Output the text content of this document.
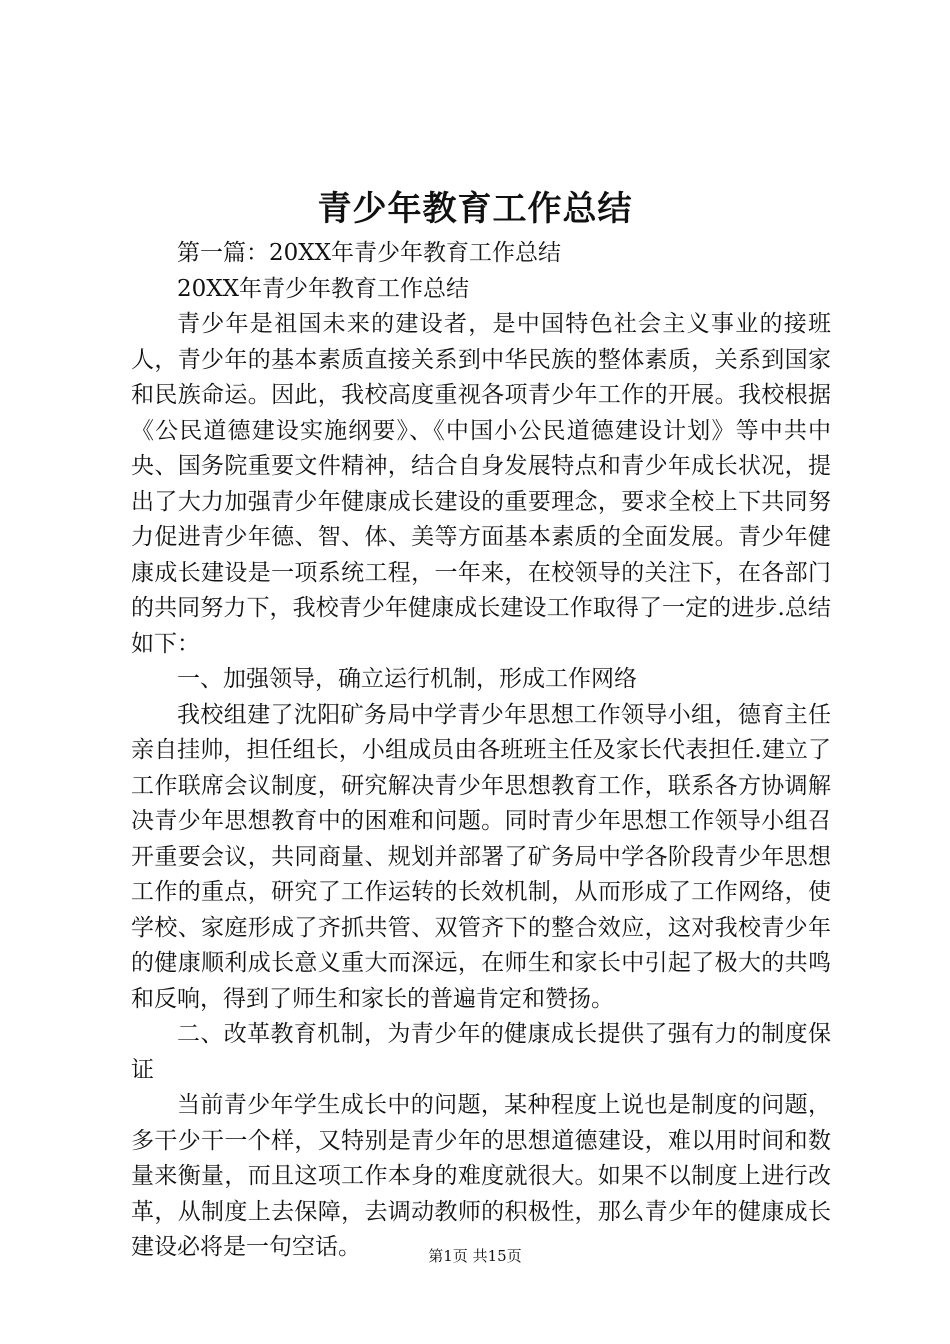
青少年教育工作总结

第一篇：20XX年青少年教育工作总结

20XX年青少年教育工作总结

青少年是祖国未来的建设者，是中国特色社会主义事业的接班人，青少年的基本素质直接关系到中华民族的整体素质，关系到国家和民族命运。因此，我校高度重视各项青少年工作的开展。我校根据《公民道德建设实施纲要》、《中国小公民道德建设计划》等中共中央、国务院重要文件精神，结合自身发展特点和青少年成长状况，提出了大力加强青少年健康成长建设的重要理念，要求全校上下共同努力促进青少年德、智、体、美等方面基本素质的全面发展。青少年健康成长建设是一项系统工程，一年来，在校领导的关注下，在各部门的共同努力下，我校青少年健康成长建设工作取得了一定的进步.总结如下：

一、加强领导，确立运行机制，形成工作网络

我校组建了沈阳矿务局中学青少年思想工作领导小组，德育主任亲自挂帅，担任组长，小组成员由各班班主任及家长代表担任.建立了工作联席会议制度，研究解决青少年思想教育工作，联系各方协调解决青少年思想教育中的困难和问题。同时青少年思想工作领导小组召开重要会议，共同商量、规划并部署了矿务局中学各阶段青少年思想工作的重点，研究了工作运转的长效机制，从而形成了工作网络，使学校、家庭形成了齐抓共管、双管齐下的整合效应，这对我校青少年的健康顺利成长意义重大而深远，在师生和家长中引起了极大的共鸣和反响，得到了师生和家长的普遍肯定和赞扬。

二、改革教育机制，为青少年的健康成长提供了强有力的制度保证

当前青少年学生成长中的问题，某种程度上说也是制度的问题，多干少干一个样，又特别是青少年的思想道德建设，难以用时间和数量来衡量，而且这项工作本身的难度就很大。如果不以制度上进行改革，从制度上去保障，去调动教师的积极性，那么青少年的健康成长建设必将是一句空话。	第1页 共15页
